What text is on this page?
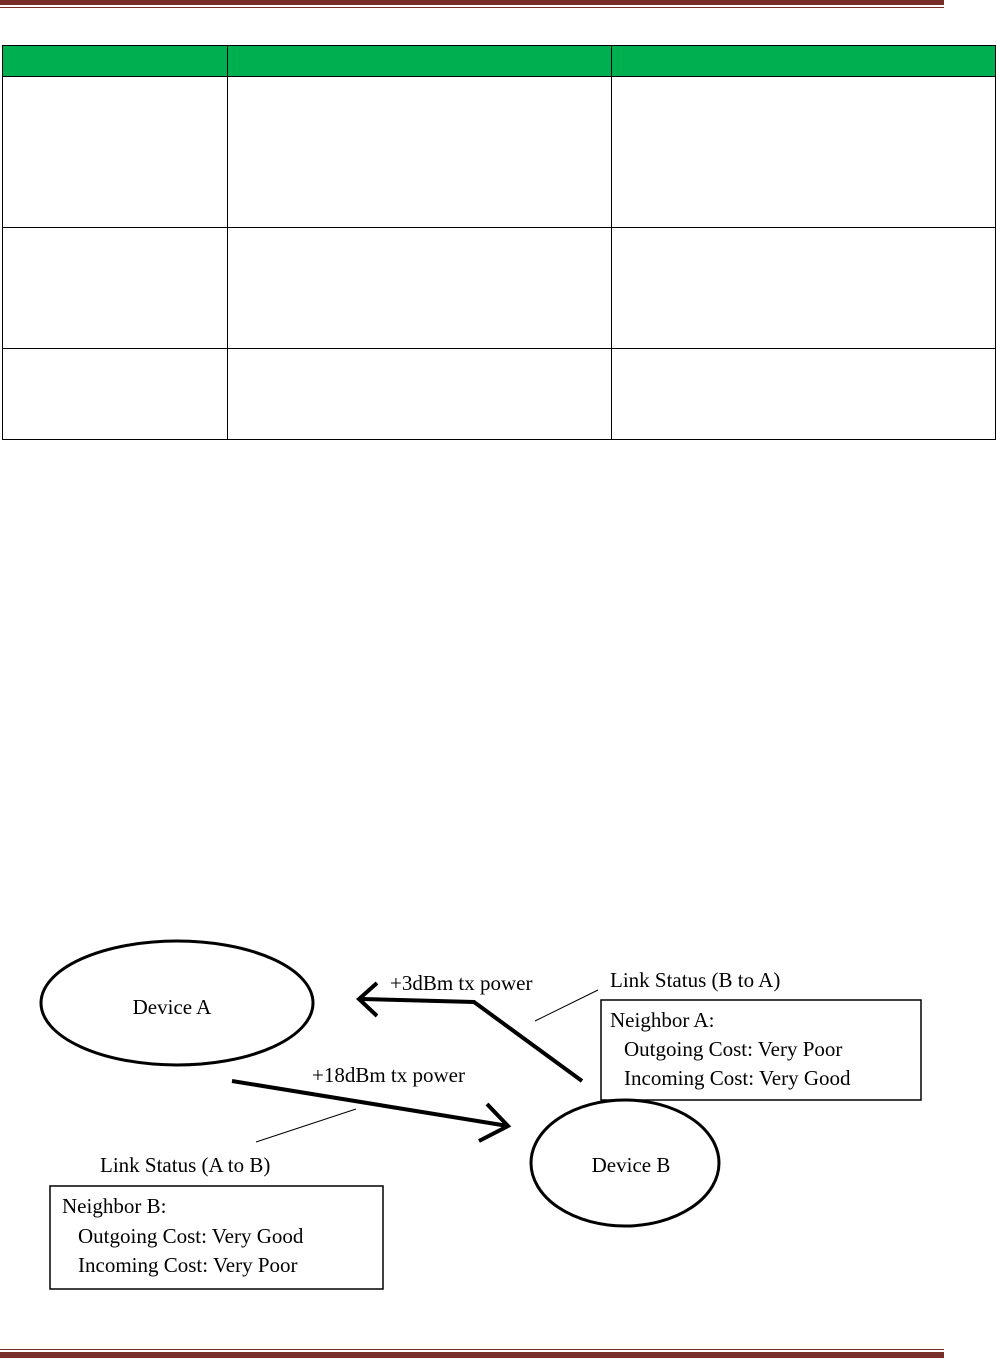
Device A
Device B
+3dBm tx power
+18dBm tx power
Link Status (B to A)
Neighbor A:
Outgoing Cost: Very Poor
Incoming Cost: Very Good
Link Status (A to B)
Neighbor B:
Outgoing Cost: Very Good
Incoming Cost: Very Poor
